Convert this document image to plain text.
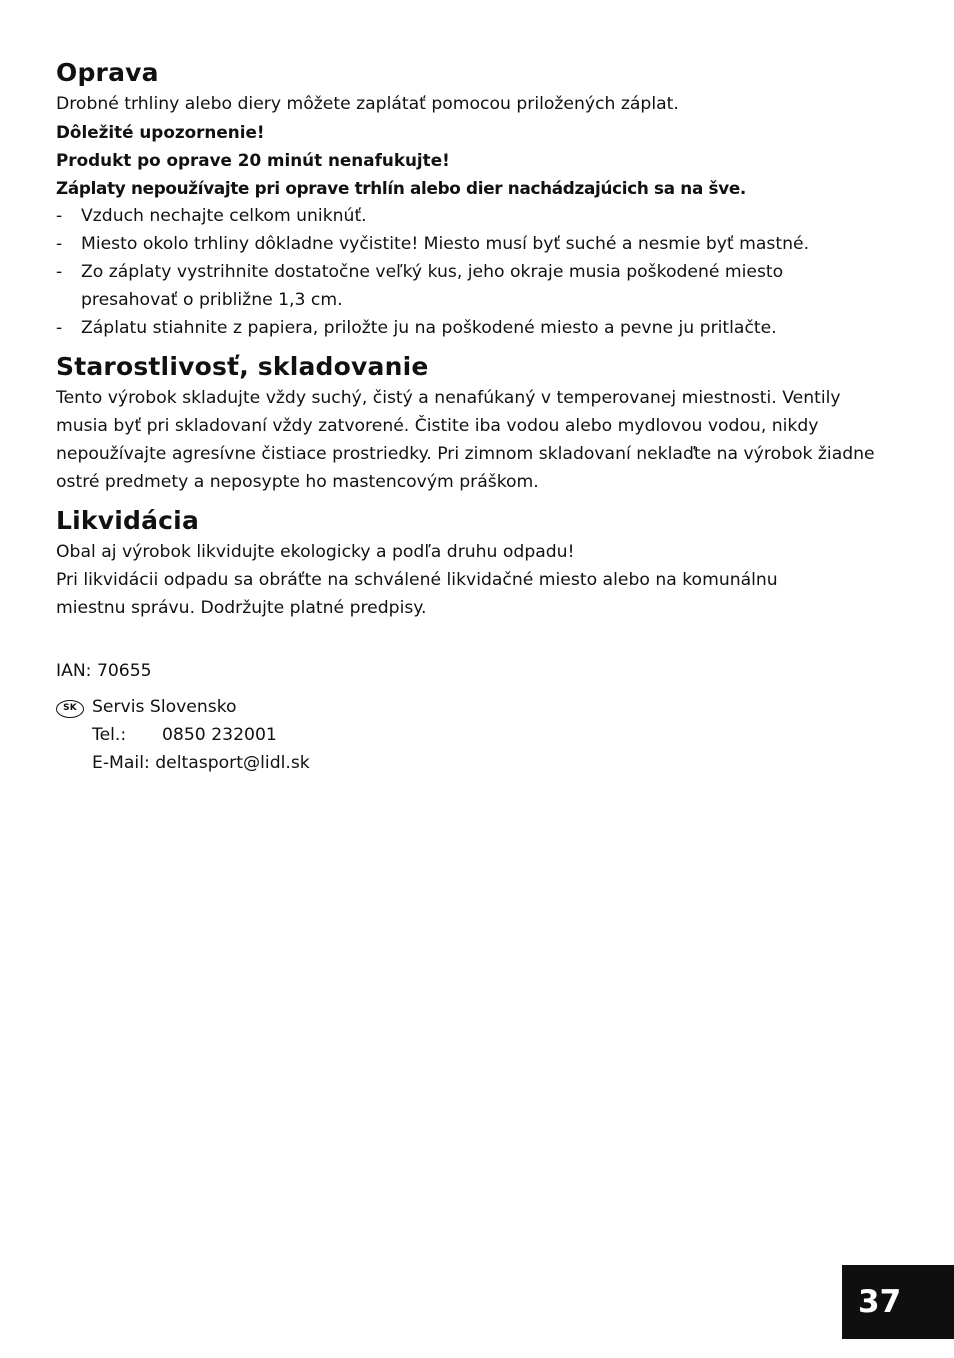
Oprava

Drobné trhliny alebo diery môžete zaplátať pomocou priložených záplat.

Dôležité upozornenie!

Produkt po oprave 20 minút nenafukujte!

Záplaty nepoužívajte pri oprave trhlín alebo dier nachádzajúcich sa na šve.

- Vzduch nechajte celkom uniknúť.
- Miesto okolo trhliny dôkladne vyčistite! Miesto musí byť suché a nesmie byť mastné.
- Zo záplaty vystrihnite dostatočne veľký kus, jeho okraje musia poškodené miesto presahovať o približne 1,3 cm.
- Záplatu stiahnite z papiera, priložte ju na poškodené miesto a pevne ju pritlačte.
Starostlivosť, skladovanie

Tento výrobok skladujte vždy suchý, čistý a nenafúkaný v temperovanej miestnosti. Ventily musia byť pri skladovaní vždy zatvorené. Čistite iba vodou alebo mydlovou vodou, nikdy nepoužívajte agresívne čistiace prostriedky. Pri zimnom skladovaní neklaďte na výrobok žiadne ostré predmety a neposypte ho mastencovým práškom.

Likvidácia

Obal aj výrobok likvidujte ekologicky a podľa druhu odpadu!

Pri likvidácii odpadu sa obráťte na schválené likvidačné miesto alebo na komunálnu miestnu správu. Dodržujte platné predpisy.

IAN: 70655

SK Servis Slovensko

Tel.: 0850 232001

E-Mail: deltasport@lidl.sk

37
